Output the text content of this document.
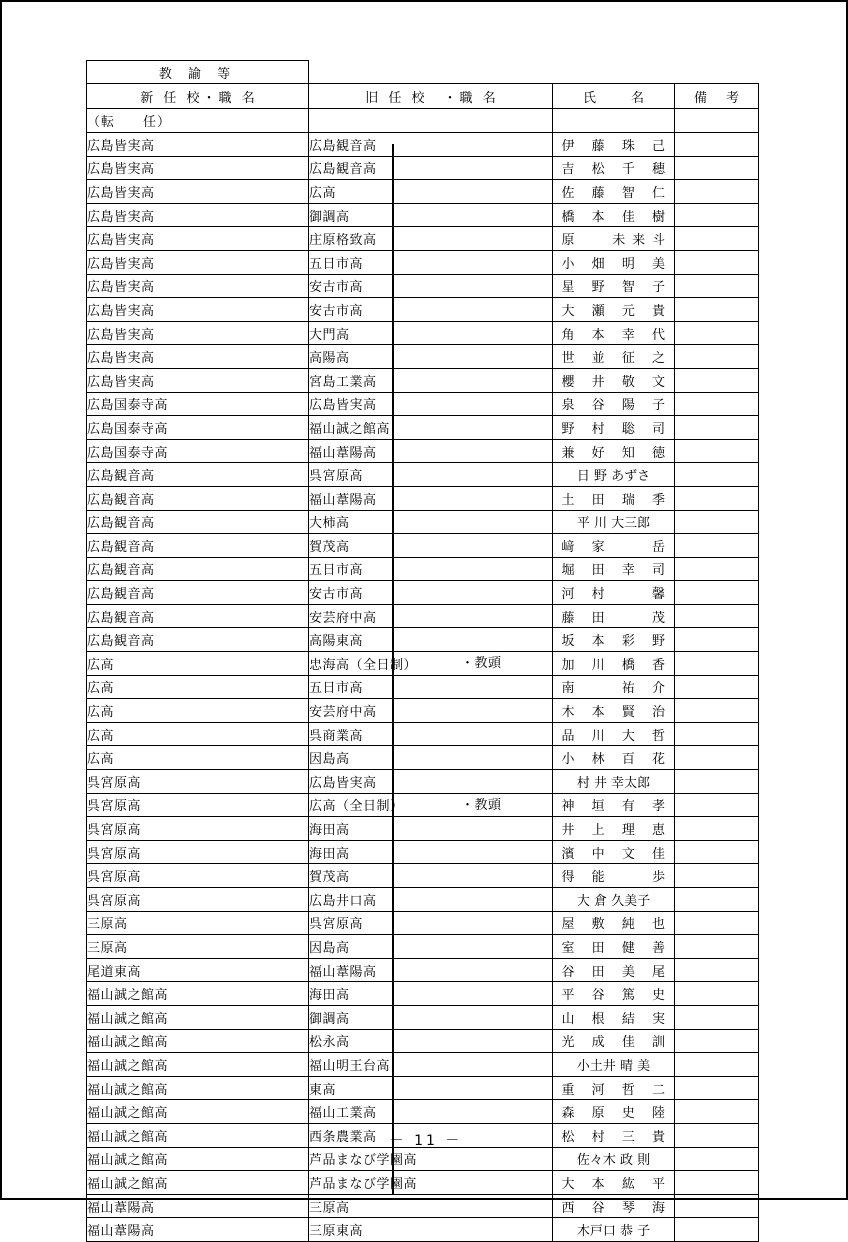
教 諭 等			
新 任 校・職 名	旧 任 校　・職 名	氏　　名	備　考
（転　　任）			
広島皆実高	広島観音高	伊 藤 珠 己	
広島皆実高	広島観音高	吉 松 千 穂	
広島皆実高	広高	佐 藤 智 仁	
広島皆実高	御調高	橋 本 佳 樹	
広島皆実高	庄原格致高	原　 未来斗	
広島皆実高	五日市高	小 畑 明 美	
広島皆実高	安古市高	星 野 智 子	
広島皆実高	安古市高	大 瀬 元 貴	
広島皆実高	大門高	角 本 幸 代	
広島皆実高	高陽高	世 並 征 之	
広島皆実高	宮島工業高	櫻 井 敬 文	
広島国泰寺高	広島皆実高	泉 谷 陽 子	
広島国泰寺高	福山誠之館高	野 村 聡 司	
広島国泰寺高	福山葦陽高	兼 好 知 徳	
広島観音高	呉宮原高	日 野 あずさ	
広島観音高	福山葦陽高	土 田 瑞 季	
広島観音高	大柿高	平 川 大三郎	
広島観音高	賀茂高	﨑 家 　 岳	
広島観音高	五日市高	堀 田 幸 司	
広島観音高	安古市高	河 村 　 馨	
広島観音高	安芸府中高	藤 田 　 茂	
広島観音高	高陽東高	坂 本 彩 野	
広高	忠海高（全日制） ・教頭	加 川 橋 香	
広高	五日市高	南 　 祐 介	
広高	安芸府中高	木 本 賢 治	
広高	呉商業高	品 川 大 哲	
広高	因島高	小 林 百 花	
呉宮原高	広島皆実高	村 井 幸太郎	
呉宮原高	広高（全日制） ・教頭	神 垣 有 孝	
呉宮原高	海田高	井 上 理 恵	
呉宮原高	海田高	濱 中 文 佳	
呉宮原高	賀茂高	得 能 　 歩	
呉宮原高	広島井口高	大 倉 久美子	
三原高	呉宮原高	屋 敷 純 也	
三原高	因島高	室 田 健 善	
尾道東高	福山葦陽高	谷 田 美 尾	
福山誠之館高	海田高	平 谷 篤 史	
福山誠之館高	御調高	山 根 結 実	
福山誠之館高	松永高	光 成 佳 訓	
福山誠之館高	福山明王台高	小土井 晴 美	
福山誠之館高	東高	重 河 哲 二	
福山誠之館高	福山工業高	森 原 史 陸	
福山誠之館高	西条農業高	松 村 三 貴	
福山誠之館高	芦品まなび学園高	佐々木 政 則	
福山誠之館高	芦品まなび学園高	大 本 紘 平	
福山葦陽高	三原高	西 谷 琴 海	
福山葦陽高	三原東高	木戸口 恭 子	
－ 11 －
